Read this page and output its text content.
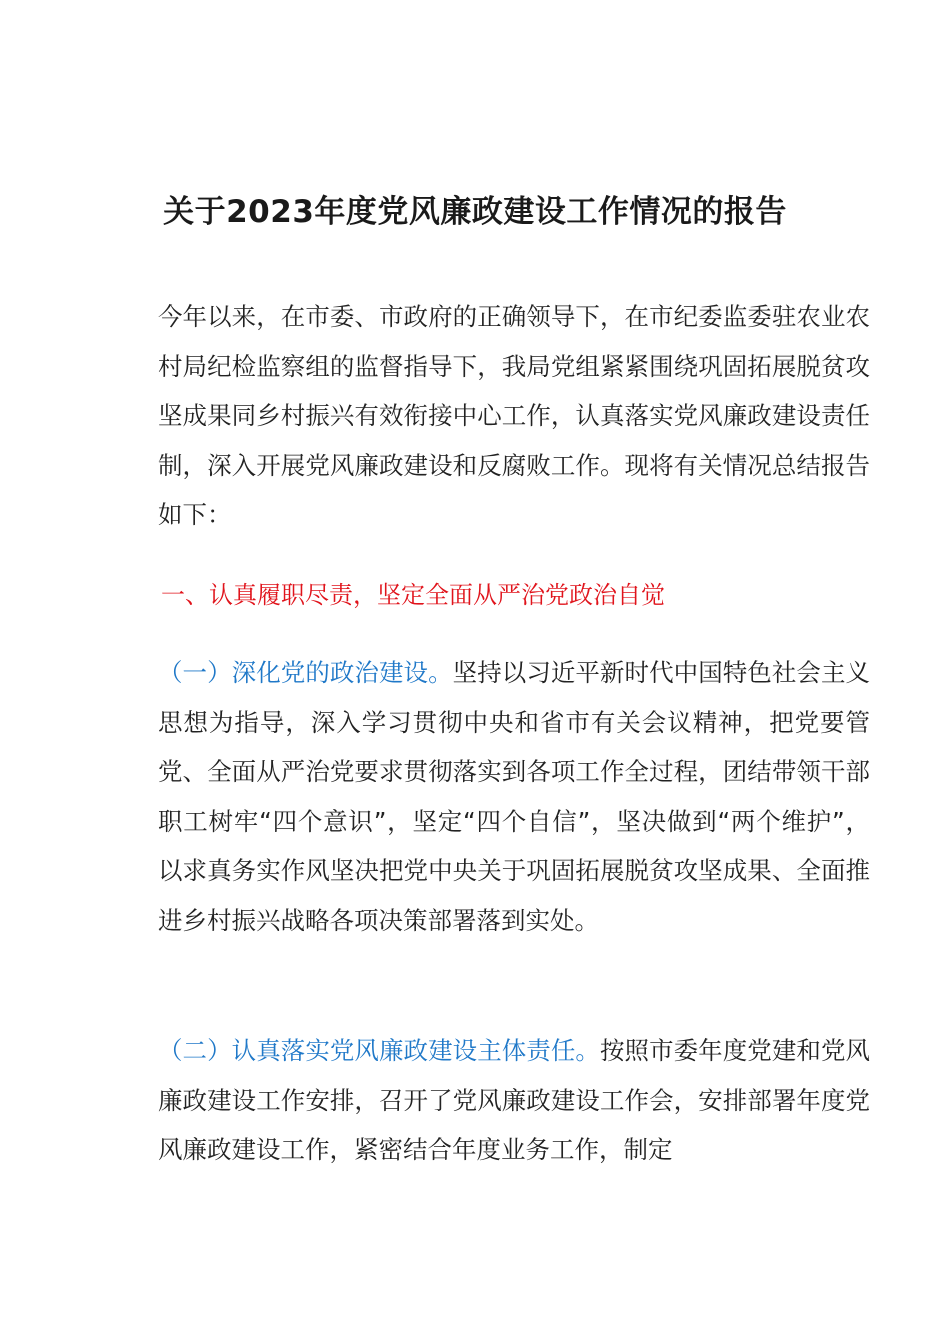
关于2023年度党风廉政建设工作情况的报告
今年以来，在市委、市政府的正确领导下，在市纪委监委驻农业农村局纪检监察组的监督指导下，我局党组紧紧围绕巩固拓展脱贫攻坚成果同乡村振兴有效衔接中心工作，认真落实党风廉政建设责任制，深入开展党风廉政建设和反腐败工作。现将有关情况总结报告如下：
一、认真履职尽责，坚定全面从严治党政治自觉
（一）深化党的政治建设。坚持以习近平新时代中国特色社会主义思想为指导，深入学习贯彻中央和省市有关会议精神，把党要管党、全面从严治党要求贯彻落实到各项工作全过程，团结带领干部职工树牢“四个意识”，坚定“四个自信”，坚决做到“两个维护”，以求真务实作风坚决把党中央关于巩固拓展脱贫攻坚成果、全面推进乡村振兴战略各项决策部署落到实处。
（二）认真落实党风廉政建设主体责任。按照市委年度党建和党风廉政建设工作安排，召开了党风廉政建设工作会，安排部署年度党风廉政建设工作，紧密结合年度业务工作，制定
